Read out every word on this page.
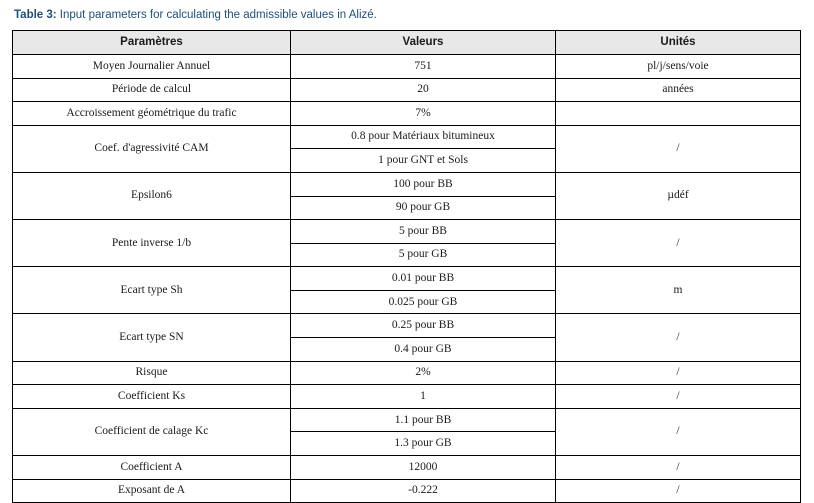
Table 3: Input parameters for calculating the admissible values in Alizé.

Paramètres	Valeurs	Unités
Moyen Journalier Annuel	751	pl/j/sens/voie
Période de calcul	20	années
Accroissement géométrique du trafic	7%	
Coef. d'agressivité CAM	0.8 pour Matériaux bitumineux	/
	1 pour GNT et Sols	
Epsilon6	100 pour BB	µdéf
	90 pour GB	
Pente inverse 1/b	5 pour BB	/
	5 pour GB	
Ecart type Sh	0.01 pour BB	m
	0.025 pour GB	
Ecart type SN	0.25 pour BB	/
	0.4 pour GB	
Risque	2%	/
Coefficient Ks	1	/
Coefficient de calage Kc	1.1 pour BB	/
	1.3 pour GB	
Coefficient A	12000	/
Exposant de A	-0.222	/
